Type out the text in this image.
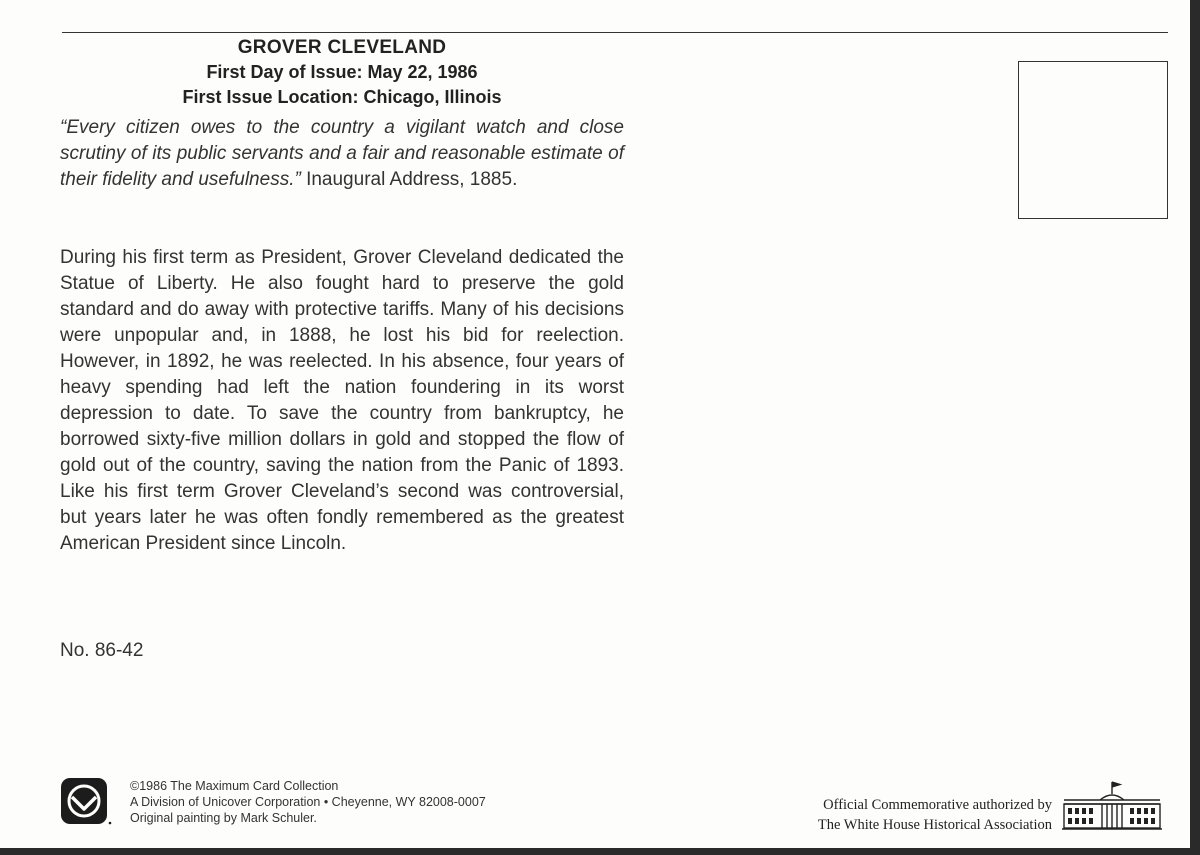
GROVER CLEVELAND
First Day of Issue: May 22, 1986
First Issue Location: Chicago, Illinois
“Every citizen owes to the country a vigilant watch and close scrutiny of its public servants and a fair and reasonable estimate of their fidelity and usefulness.” Inaugural Address, 1885.
During his first term as President, Grover Cleveland dedicated the Statue of Liberty. He also fought hard to preserve the gold standard and do away with protective tariffs. Many of his decisions were unpopular and, in 1888, he lost his bid for reelection. However, in 1892, he was reelected. In his absence, four years of heavy spending had left the nation foundering in its worst depression to date. To save the country from bankruptcy, he borrowed sixty-five million dollars in gold and stopped the flow of gold out of the country, saving the nation from the Panic of 1893. Like his first term Grover Cleveland’s second was controversial, but years later he was often fondly remembered as the greatest American President since Lincoln.
No. 86-42
©1986 The Maximum Card Collection
A Division of Unicover Corporation • Cheyenne, WY 82008-0007
Original painting by Mark Schuler.
Official Commemorative authorized by
The White House Historical Association
